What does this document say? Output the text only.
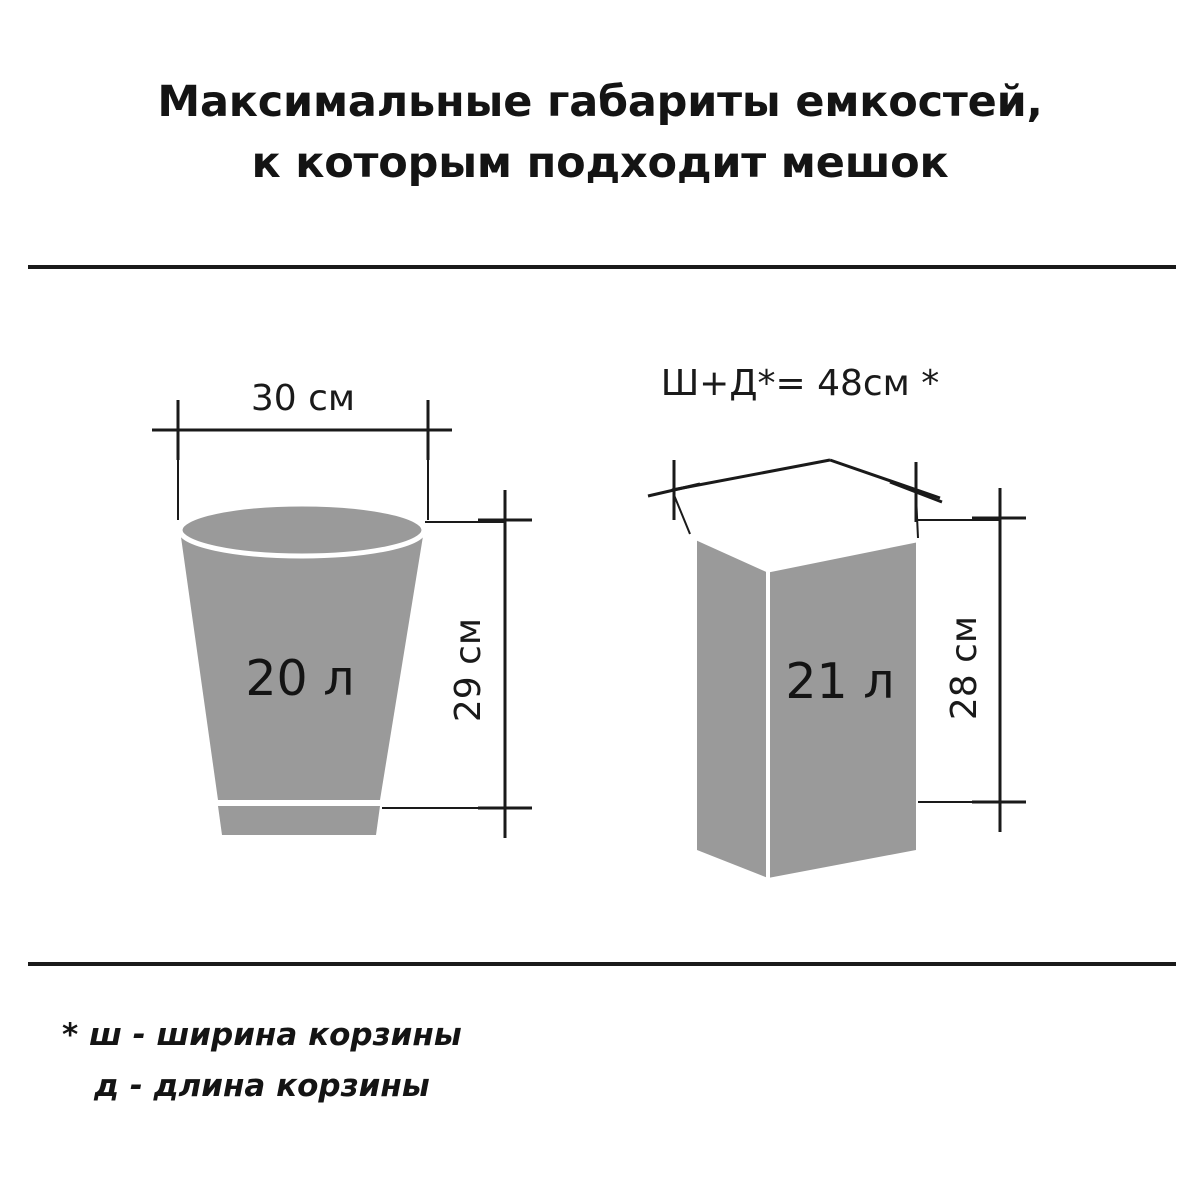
Максимальные габариты емкостей,
к которым подходит мешок
30 см
29 см
20 л
Ш+Д*= 48см *
28 см
21 л
* ш - ширина корзины
д - длина корзины
